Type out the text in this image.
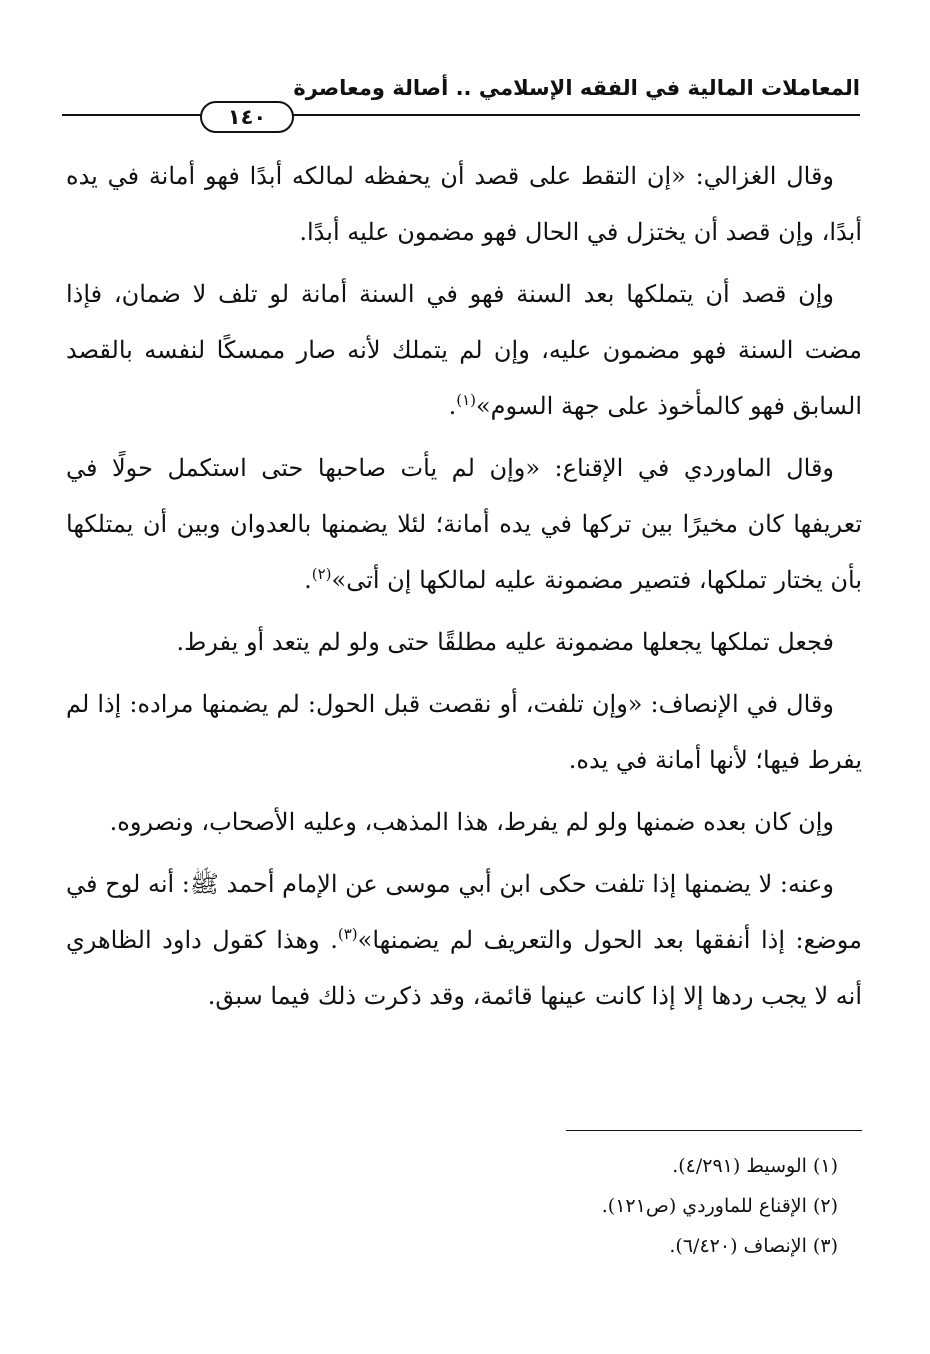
المعاملات المالية في الفقه الإسلامي .. أصالة ومعاصرة
١٤٠

وقال الغزالي: «إن التقط على قصد أن يحفظه لمالكه أبدًا فهو أمانة في يده أبدًا، وإن قصد أن يختزل في الحال فهو مضمون عليه أبدًا.

وإن قصد أن يتملكها بعد السنة فهو في السنة أمانة لو تلف لا ضمان، فإذا مضت السنة فهو مضمون عليه، وإن لم يتملك لأنه صار ممسكًا لنفسه بالقصد السابق فهو كالمأخوذ على جهة السوم»$^{(١)}$.

وقال الماوردي في الإقناع: «وإن لم يأت صاحبها حتى استكمل حولًا في تعريفها كان مخيرًا بين تركها في يده أمانة؛ لئلا يضمنها بالعدوان وبين أن يمتلكها بأن يختار تملكها، فتصير مضمونة عليه لمالكها إن أتى»$^{(٢)}$.

فجعل تملكها يجعلها مضمونة عليه مطلقًا حتى ولو لم يتعد أو يفرط.

وقال في الإنصاف: «وإن تلفت، أو نقصت قبل الحول: لم يضمنها مراده: إذا لم يفرط فيها؛ لأنها أمانة في يده.

وإن كان بعده ضمنها ولو لم يفرط، هذا المذهب، وعليه الأصحاب، ونصروه.

وعنه: لا يضمنها إذا تلفت حكى ابن أبي موسى عن الإمام أحمد ﷺ: أنه لوح في موضع: إذا أنفقها بعد الحول والتعريف لم يضمنها»$^{(٣)}$. وهذا كقول داود الظاهري أنه لا يجب ردها إلا إذا كانت عينها قائمة، وقد ذكرت ذلك فيما سبق.

(١) الوسيط (٤/٢٩١).

(٢) الإقناع للماوردي (ص١٢١).

(٣) الإنصاف (٦/٤٢٠).
